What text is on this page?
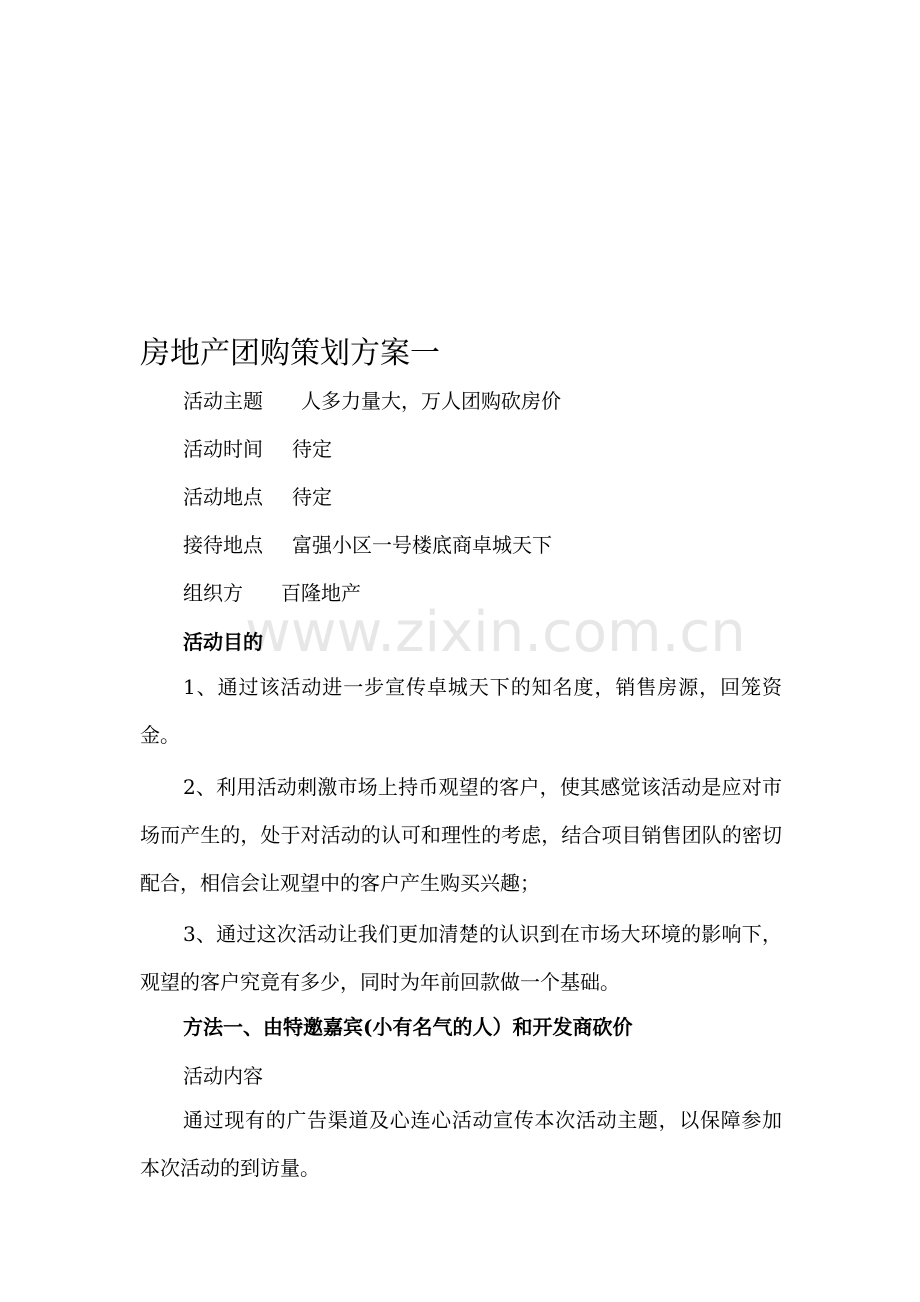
房地产团购策划方案一
活动主题 人多力量大，万人团购砍房价
活动时间 待定
活动地点 待定
接待地点 富强小区一号楼底商卓城天下
组织方 百隆地产
活动目的

1、通过该活动进一步宣传卓城天下的知名度，销售房源，回笼资金。

2、利用活动刺激市场上持币观望的客户，使其感觉该活动是应对市场而产生的，处于对活动的认可和理性的考虑，结合项目销售团队的密切配合，相信会让观望中的客户产生购买兴趣；

3、通过这次活动让我们更加清楚的认识到在市场大环境的影响下，观望的客户究竟有多少，同时为年前回款做一个基础。

方法一、由特邀嘉宾(小有名气的人）和开发商砍价
活动内容

通过现有的广告渠道及心连心活动宣传本次活动主题，以保障参加本次活动的到访量。

www.zixin.com.cn
